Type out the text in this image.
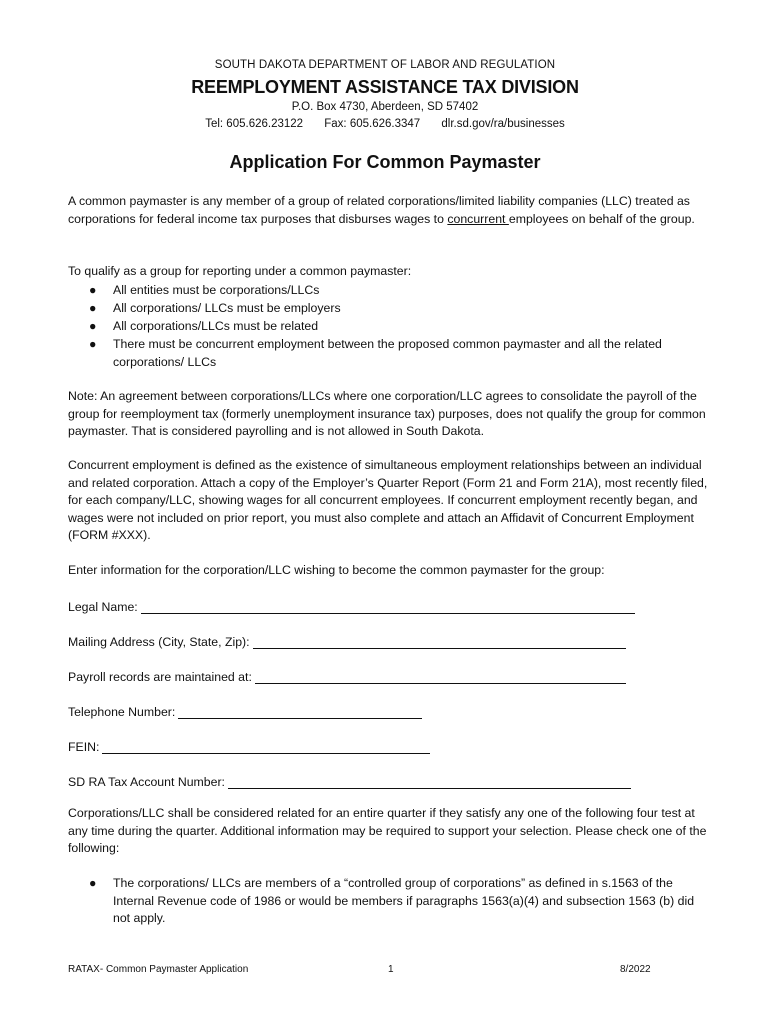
SOUTH DAKOTA DEPARTMENT OF LABOR AND REGULATION
REEMPLOYMENT ASSISTANCE TAX DIVISION
P.O. Box 4730, Aberdeen, SD 57402
Tel: 605.626.23122 Fax: 605.626.3347 dlr.sd.gov/ra/businesses
Application For Common Paymaster
A common paymaster is any member of a group of related corporations/limited liability companies (LLC) treated as corporations for federal income tax purposes that disburses wages to concurrent employees on behalf of the group.
To qualify as a group for reporting under a common paymaster:
● All entities must be corporations/LLCs
● All corporations/ LLCs must be employers
● All corporations/LLCs must be related
● There must be concurrent employment between the proposed common paymaster and all the related corporations/ LLCs
Note: An agreement between corporations/LLCs where one corporation/LLC agrees to consolidate the payroll of the group for reemployment tax (formerly unemployment insurance tax) purposes, does not qualify the group for common paymaster. That is considered payrolling and is not allowed in South Dakota.
Concurrent employment is defined as the existence of simultaneous employment relationships between an individual and related corporation. Attach a copy of the Employer’s Quarter Report (Form 21 and Form 21A), most recently filed, for each company/LLC, showing wages for all concurrent employees. If concurrent employment recently began, and wages were not included on prior report, you must also complete and attach an Affidavit of Concurrent Employment (FORM #XXX).
Enter information for the corporation/LLC wishing to become the common paymaster for the group:
Legal Name:
Mailing Address (City, State, Zip):
Payroll records are maintained at:
Telephone Number:
FEIN:
SD RA Tax Account Number:
Corporations/LLC shall be considered related for an entire quarter if they satisfy any one of the following four test at any time during the quarter. Additional information may be required to support your selection. Please check one of the following:
● The corporations/ LLCs are members of a “controlled group of corporations” as defined in s.1563 of the Internal Revenue code of 1986 or would be members if paragraphs 1563(a)(4) and subsection 1563 (b) did not apply.
RATAX- Common Paymaster Application	1	8/2022
